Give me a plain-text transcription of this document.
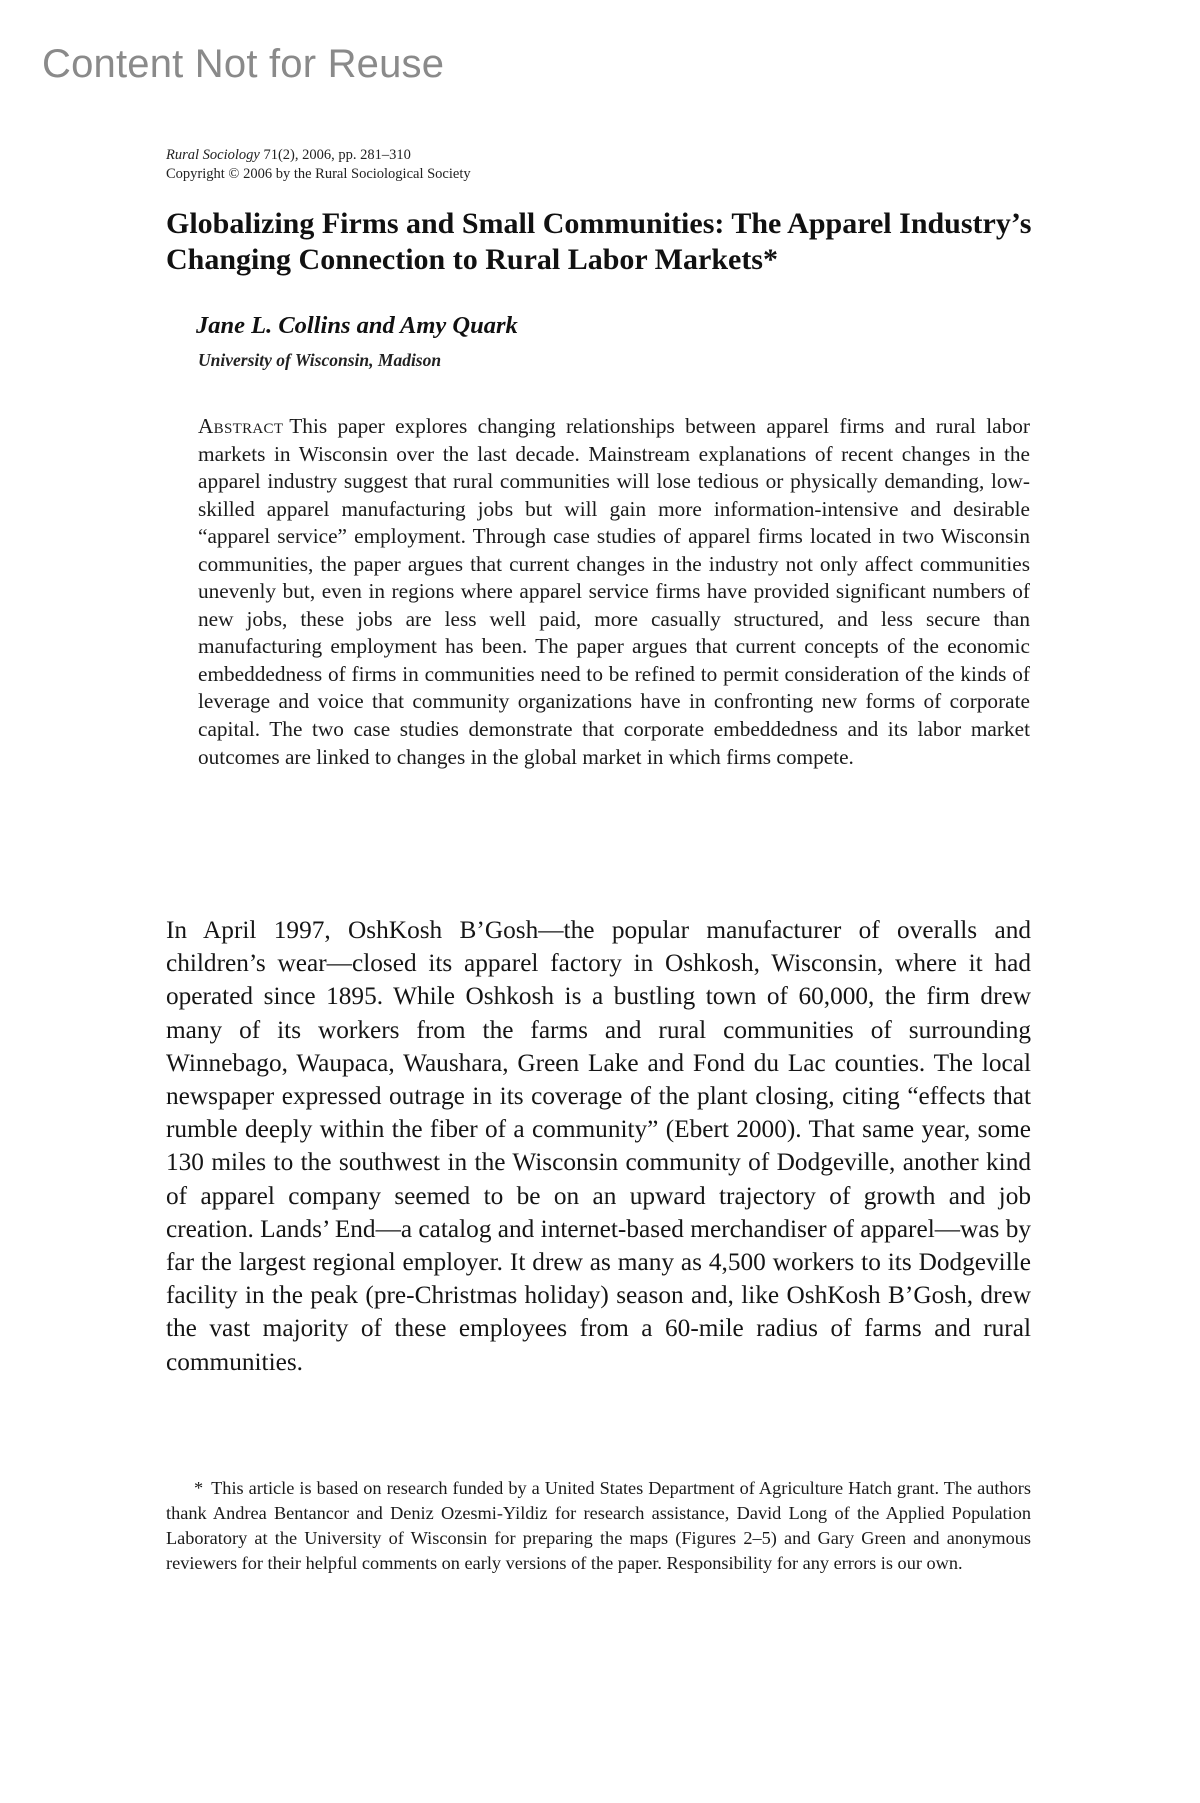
Content Not for Reuse
Rural Sociology 71(2), 2006, pp. 281–310
Copyright © 2006 by the Rural Sociological Society
Globalizing Firms and Small Communities: The Apparel Industry’s Changing Connection to Rural Labor Markets*
Jane L. Collins and Amy Quark
University of Wisconsin, Madison

Abstract This paper explores changing relationships between apparel firms and rural labor markets in Wisconsin over the last decade. Mainstream explanations of recent changes in the apparel industry suggest that rural communities will lose tedious or physically demanding, low-skilled apparel manufacturing jobs but will gain more information-intensive and desirable “apparel service” employment. Through case studies of apparel firms located in two Wisconsin communities, the paper argues that current changes in the industry not only affect communities unevenly but, even in regions where apparel service firms have provided significant numbers of new jobs, these jobs are less well paid, more casually structured, and less secure than manufacturing employment has been. The paper argues that current concepts of the economic embeddedness of firms in communities need to be refined to permit consideration of the kinds of leverage and voice that community organizations have in confronting new forms of corporate capital. The two case studies demonstrate that corporate embeddedness and its labor market outcomes are linked to changes in the global market in which firms compete.

In April 1997, OshKosh B’Gosh—the popular manufacturer of overalls and children’s wear—closed its apparel factory in Oshkosh, Wisconsin, where it had operated since 1895. While Oshkosh is a bustling town of 60,000, the firm drew many of its workers from the farms and rural communities of surrounding Winnebago, Waupaca, Waushara, Green Lake and Fond du Lac counties. The local newspaper expressed outrage in its coverage of the plant closing, citing “effects that rumble deeply within the fiber of a community” (Ebert 2000). That same year, some 130 miles to the southwest in the Wisconsin community of Dodgeville, another kind of apparel company seemed to be on an upward trajectory of growth and job creation. Lands’ End—a catalog and internet-based merchandiser of apparel—was by far the largest regional employer. It drew as many as 4,500 workers to its Dodgeville facility in the peak (pre-Christmas holiday) season and, like OshKosh B’Gosh, drew the vast majority of these employees from a 60-mile radius of farms and rural communities.

* This article is based on research funded by a United States Department of Agriculture Hatch grant. The authors thank Andrea Bentancor and Deniz Ozesmi-Yildiz for research assistance, David Long of the Applied Population Laboratory at the University of Wisconsin for preparing the maps (Figures 2–5) and Gary Green and anonymous reviewers for their helpful comments on early versions of the paper. Responsibility for any errors is our own.
